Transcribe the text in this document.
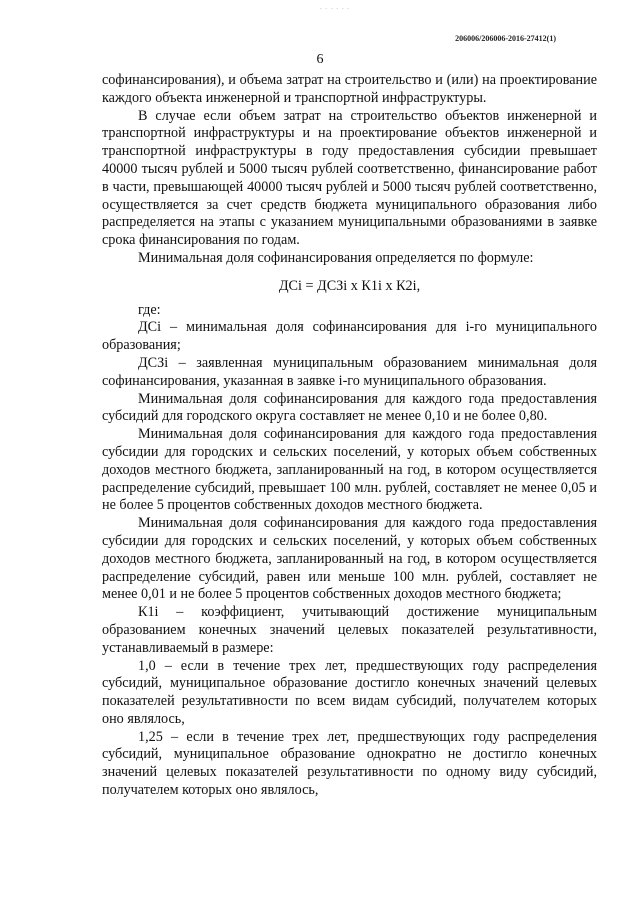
- - - - - -
206006/206006-2016-27412(1)
6

софинансирования), и объема затрат на строительство и (или) на проектирование каждого объекта инженерной и транспортной инфраструктуры.

В случае если объем затрат на строительство объектов инженерной и транспортной инфраструктуры и на проектирование объектов инженерной и транспортной инфраструктуры в году предоставления субсидии превышает 40000 тысяч рублей и 5000 тысяч рублей соответственно, финансирование работ в части, превышающей 40000 тысяч рублей и 5000 тысяч рублей соответственно, осуществляется за счет средств бюджета муниципального образования либо распределяется на этапы с указанием муниципальными образованиями в заявке срока финансирования по годам.

Минимальная доля софинансирования определяется по формуле:

ДСi = ДСЗi х К1i х К2i,

где:

ДСi – минимальная доля софинансирования для i-го муниципального образования;

ДСЗi – заявленная муниципальным образованием минимальная доля софинансирования, указанная в заявке i-го муниципального образования.

Минимальная доля софинансирования для каждого года предоставления субсидий для городского округа составляет не менее 0,10 и не более 0,80.

Минимальная доля софинансирования для каждого года предоставления субсидии для городских и сельских поселений, у которых объем собственных доходов местного бюджета, запланированный на год, в котором осуществляется распределение субсидий, превышает 100 млн. рублей, составляет не менее 0,05 и не более 5 процентов собственных доходов местного бюджета.

Минимальная доля софинансирования для каждого года предоставления субсидии для городских и сельских поселений, у которых объем собственных доходов местного бюджета, запланированный на год, в котором осуществляется распределение субсидий, равен или меньше 100 млн. рублей, составляет не менее 0,01 и не более 5 процентов собственных доходов местного бюджета;

К1i – коэффициент, учитывающий достижение муниципальным образованием конечных значений целевых показателей результативности, устанавливаемый в размере:

1,0 – если в течение трех лет, предшествующих году распределения субсидий, муниципальное образование достигло конечных значений целевых показателей результативности по всем видам субсидий, получателем которых оно являлось,

1,25 – если в течение трех лет, предшествующих году распределения субсидий, муниципальное образование однократно не достигло конечных значений целевых показателей результативности по одному виду субсидий, получателем которых оно являлось,
